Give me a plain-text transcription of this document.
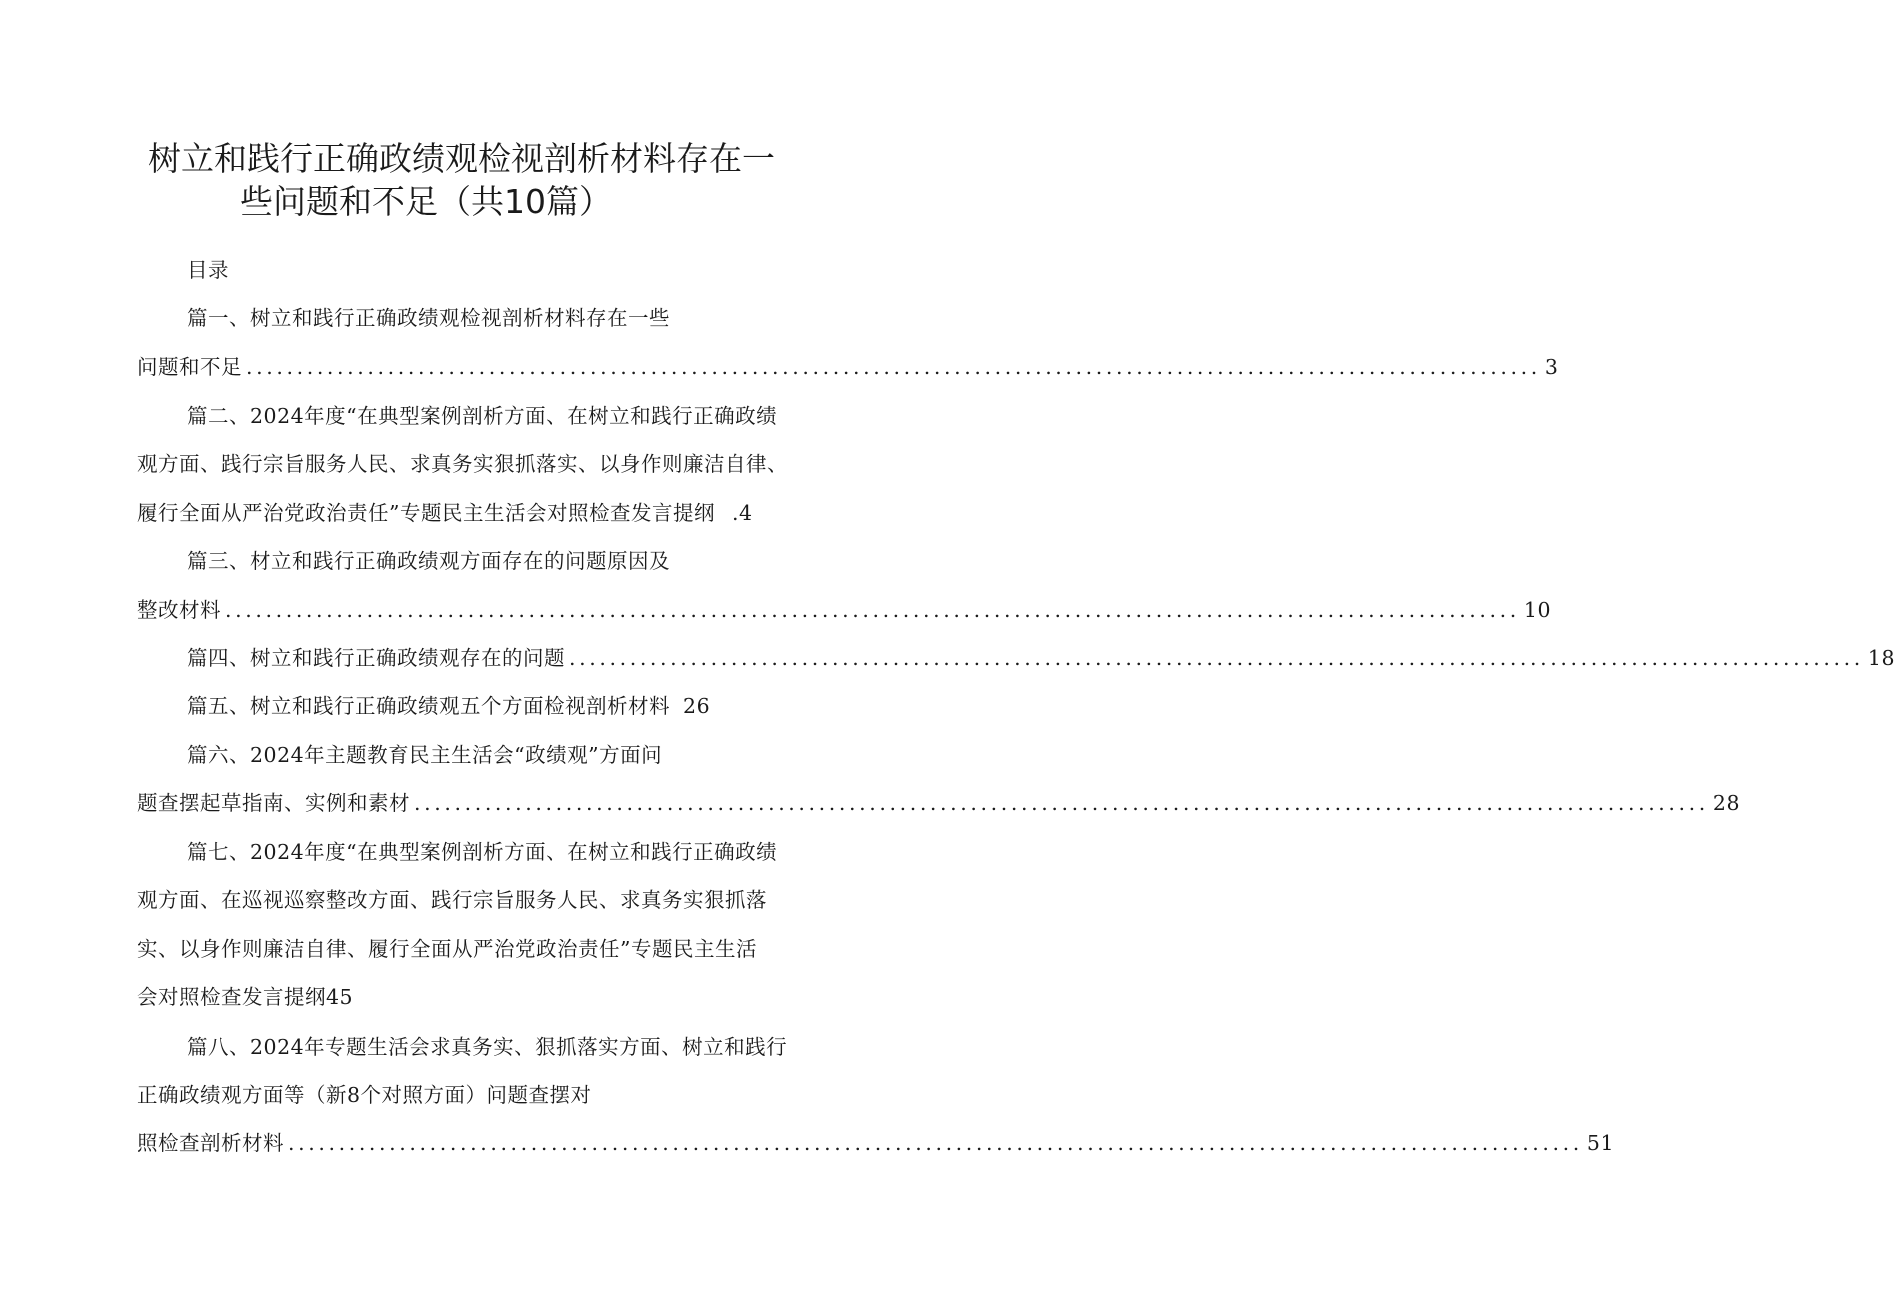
树立和践行正确政绩观检视剖析材料存在一
些问题和不足（共10篇）
目录
篇一、树立和践行正确政绩观检视剖析材料存在一些
问题和不足 ................................................................................................................................ 3
篇二、2024年度“在典型案例剖析方面、在树立和践行正确政绩
观方面、践行宗旨服务人民、求真务实狠抓落实、以身作则廉洁自律、
履行全面从严治党政治责任”专题民主生活会对照检查发言提纲 .4
篇三、材立和践行正确政绩观方面存在的问题原因及
整改材料 ................................................................................................................................ 10
篇四、树立和践行正确政绩观存在的问题 ................................................................................................................................ 18
篇五、树立和践行正确政绩观五个方面检视剖析材料 26
篇六、2024年主题教育民主生活会“政绩观”方面问
题查摆起草指南、实例和素材 ................................................................................................................................ 28
篇七、2024年度“在典型案例剖析方面、在树立和践行正确政绩
观方面、在巡视巡察整改方面、践行宗旨服务人民、求真务实狠抓落
实、以身作则廉洁自律、履行全面从严治党政治责任”专题民主生活
会对照检查发言提纲45
篇八、2024年专题生活会求真务实、狠抓落实方面、树立和践行
正确政绩观方面等（新8个对照方面）问题查摆对
照检查剖析材料 ................................................................................................................................ 51
